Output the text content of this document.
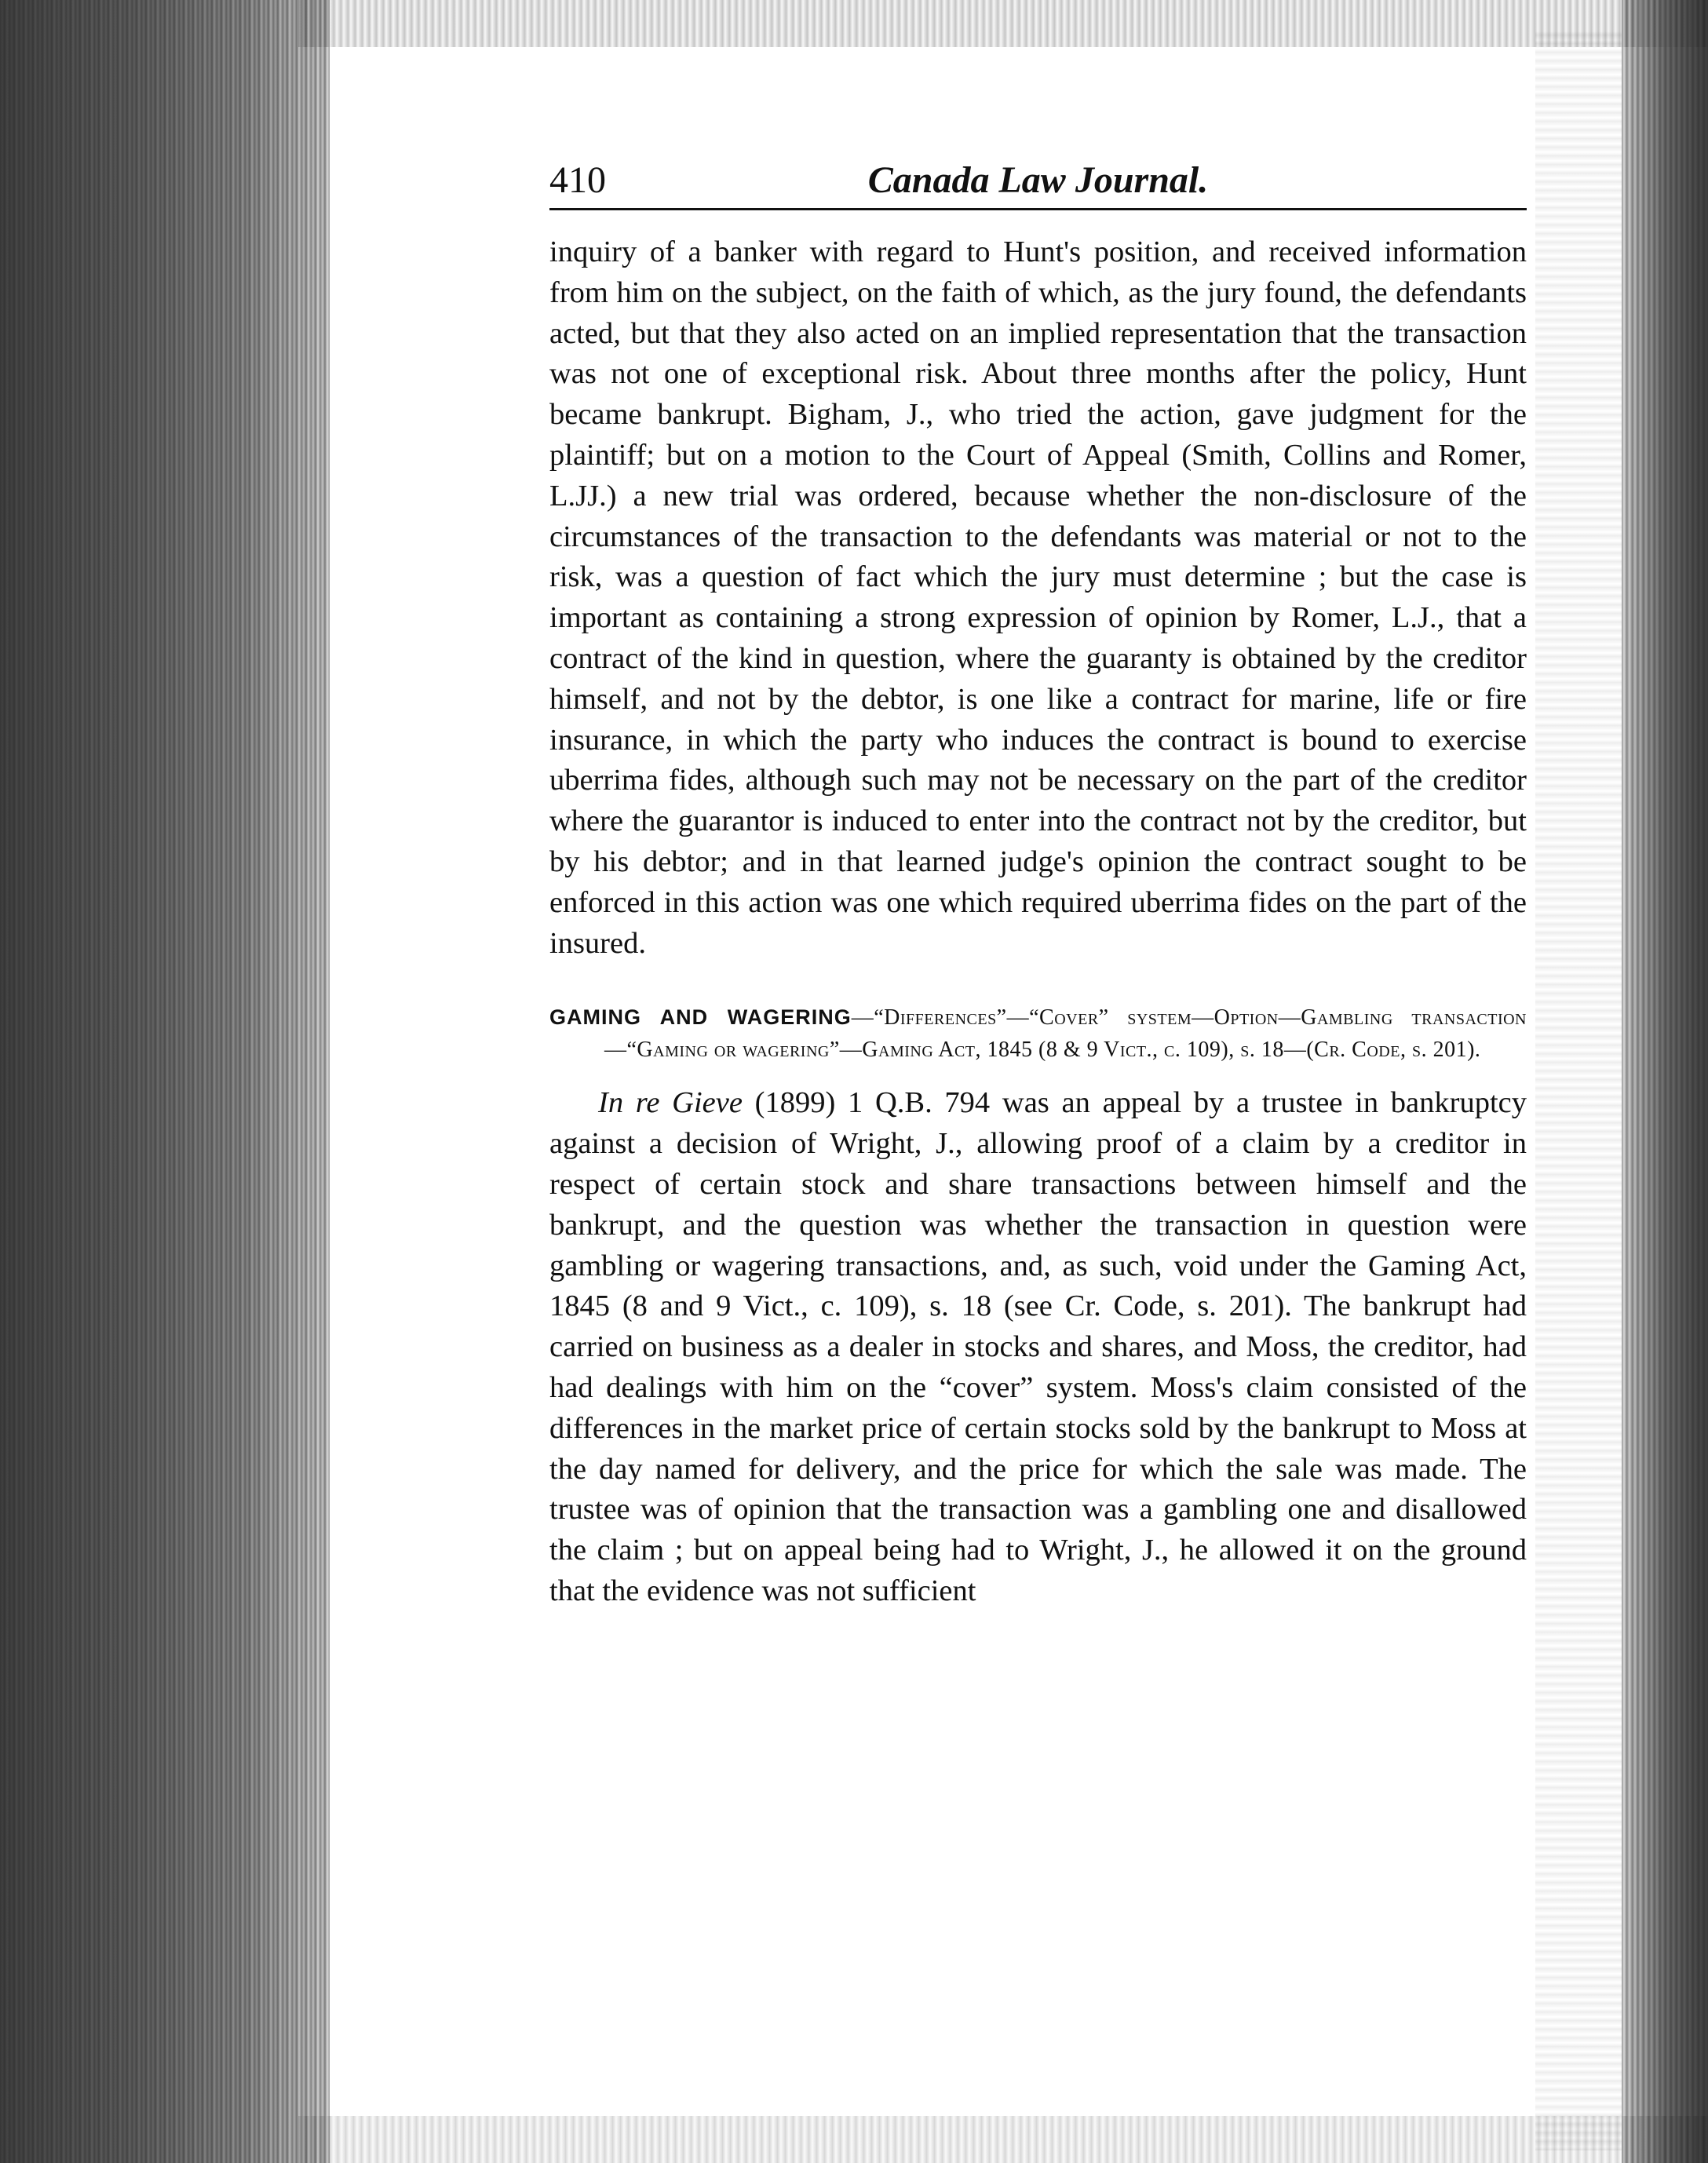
410	Canada Law Journal.

inquiry of a banker with regard to Hunt's position, and received information from him on the subject, on the faith of which, as the jury found, the defendants acted, but that they also acted on an implied representation that the transaction was not one of exceptional risk. About three months after the policy, Hunt became bankrupt. Bigham, J., who tried the action, gave judgment for the plaintiff; but on a motion to the Court of Appeal (Smith, Collins and Romer, L.JJ.) a new trial was ordered, because whether the non-disclosure of the circumstances of the transaction to the defendants was material or not to the risk, was a question of fact which the jury must determine ; but the case is important as containing a strong expression of opinion by Romer, L.J., that a contract of the kind in question, where the guaranty is obtained by the creditor himself, and not by the debtor, is one like a contract for marine, life or fire insurance, in which the party who induces the contract is bound to exercise uberrima fides, although such may not be necessary on the part of the creditor where the guarantor is induced to enter into the contract not by the creditor, but by his debtor; and in that learned judge's opinion the contract sought to be enforced in this action was one which required uberrima fides on the part of the insured.

GAMING AND WAGERING—“Differences”—“Cover” system—Option—Gambling transaction—“Gaming or wagering”—Gaming Act, 1845 (8 & 9 Vict., c. 109), s. 18—(Cr. Code, s. 201).

In re Gieve (1899) 1 Q.B. 794 was an appeal by a trustee in bankruptcy against a decision of Wright, J., allowing proof of a claim by a creditor in respect of certain stock and share transactions between himself and the bankrupt, and the question was whether the transaction in question were gambling or wagering transactions, and, as such, void under the Gaming Act, 1845 (8 and 9 Vict., c. 109), s. 18 (see Cr. Code, s. 201). The bankrupt had carried on business as a dealer in stocks and shares, and Moss, the creditor, had had dealings with him on the “cover” system. Moss's claim consisted of the differences in the market price of certain stocks sold by the bankrupt to Moss at the day named for delivery, and the price for which the sale was made. The trustee was of opinion that the transaction was a gambling one and disallowed the claim ; but on appeal being had to Wright, J., he allowed it on the ground that the evidence was not sufficient
